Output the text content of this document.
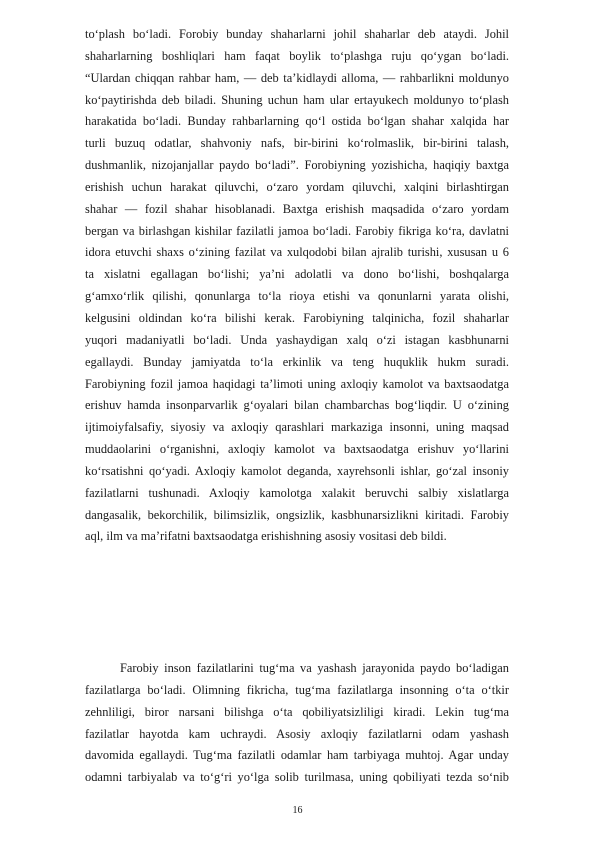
toʻplash boʻladi. Forobiy bunday shaharlarni johil shaharlar deb ataydi. Johil
shaharlarning boshliqlari ham faqat boylik toʻplashga ruju qoʻygan boʻladi.
“Ulardan chiqqan rahbar ham, — deb ta’kidlaydi alloma, — rahbarlikni moldunyo
koʻpaytirishda deb biladi. Shuning uchun ham ular ertayukech moldunyo toʻplash
harakatida boʻladi. Bunday rahbarlarning qoʻl ostida boʻlgan shahar xalqida har
turli buzuq odatlar, shahvoniy nafs, bir-birini koʻrolmaslik, bir-birini talash,
dushmanlik, nizojanjallar paydo boʻladi”. Forobiyning yozishicha, haqiqiy baxtga
erishish uchun harakat qiluvchi, oʻzaro yordam qiluvchi, xalqini birlashtirgan
shahar — fozil shahar hisoblanadi. Baxtga erishish maqsadida oʻzaro yordam
bergan va birlashgan kishilar fazilatli jamoa boʻladi. Farobiy fikriga koʻra, davlatni
idora etuvchi shaxs oʻzining fazilat va xulqodobi bilan ajralib turishi, xususan u 6
ta xislatni egallagan boʻlishi; ya’ni adolatli va dono boʻlishi, boshqalarga
gʻamxoʻrlik qilishi, qonunlarga toʻla rioya etishi va qonunlarni yarata olishi,
kelgusini oldindan koʻra bilishi kerak. Farobiyning talqinicha, fozil shaharlar
yuqori madaniyatli boʻladi. Unda yashaydigan xalq oʻzi istagan kasbhunarni
egallaydi. Bunday jamiyatda toʻla erkinlik va teng huquklik hukm suradi.
Farobiyning fozil jamoa haqidagi ta’limoti uning axloqiy kamolot va baxtsaodatga
erishuv hamda insonparvarlik gʻoyalari bilan chambarchas bogʻliqdir. U oʻzining
ijtimoiyfalsafiy, siyosiy va axloqiy qarashlari markaziga insonni, uning maqsad
muddaolarini oʻrganishni, axloqiy kamolot va baxtsaodatga erishuv yoʻllarini
koʻrsatishni qoʻyadi. Axloqiy kamolot deganda, xayrehsonli ishlar, goʻzal insoniy
fazilatlarni tushunadi. Axloqiy kamolotga xalakit beruvchi salbiy xislatlarga
dangasalik, bekorchilik, bilimsizlik, ongsizlik, kasbhunarsizlikni kiritadi. Farobiy
aql, ilm va ma’rifatni baxtsaodatga erishishning asosiy vositasi deb bildi.
Farobiy inson fazilatlarini tugʻma va yashash jarayonida paydo boʻladigan
fazilatlarga boʻladi. Olimning fikricha, tugʻma fazilatlarga insonning oʻta oʻtkir
zehnliligi, biror narsani bilishga oʻta qobiliyatsizliligi kiradi. Lekin tugʻma
fazilatlar hayotda kam uchraydi. Asosiy axloqiy fazilatlarni odam yashash
davomida egallaydi. Tugʻma fazilatli odamlar ham tarbiyaga muhtoj. Agar unday
odamni tarbiyalab va toʻgʻri yoʻlga solib turilmasa, uning qobiliyati tezda soʻnib
16
